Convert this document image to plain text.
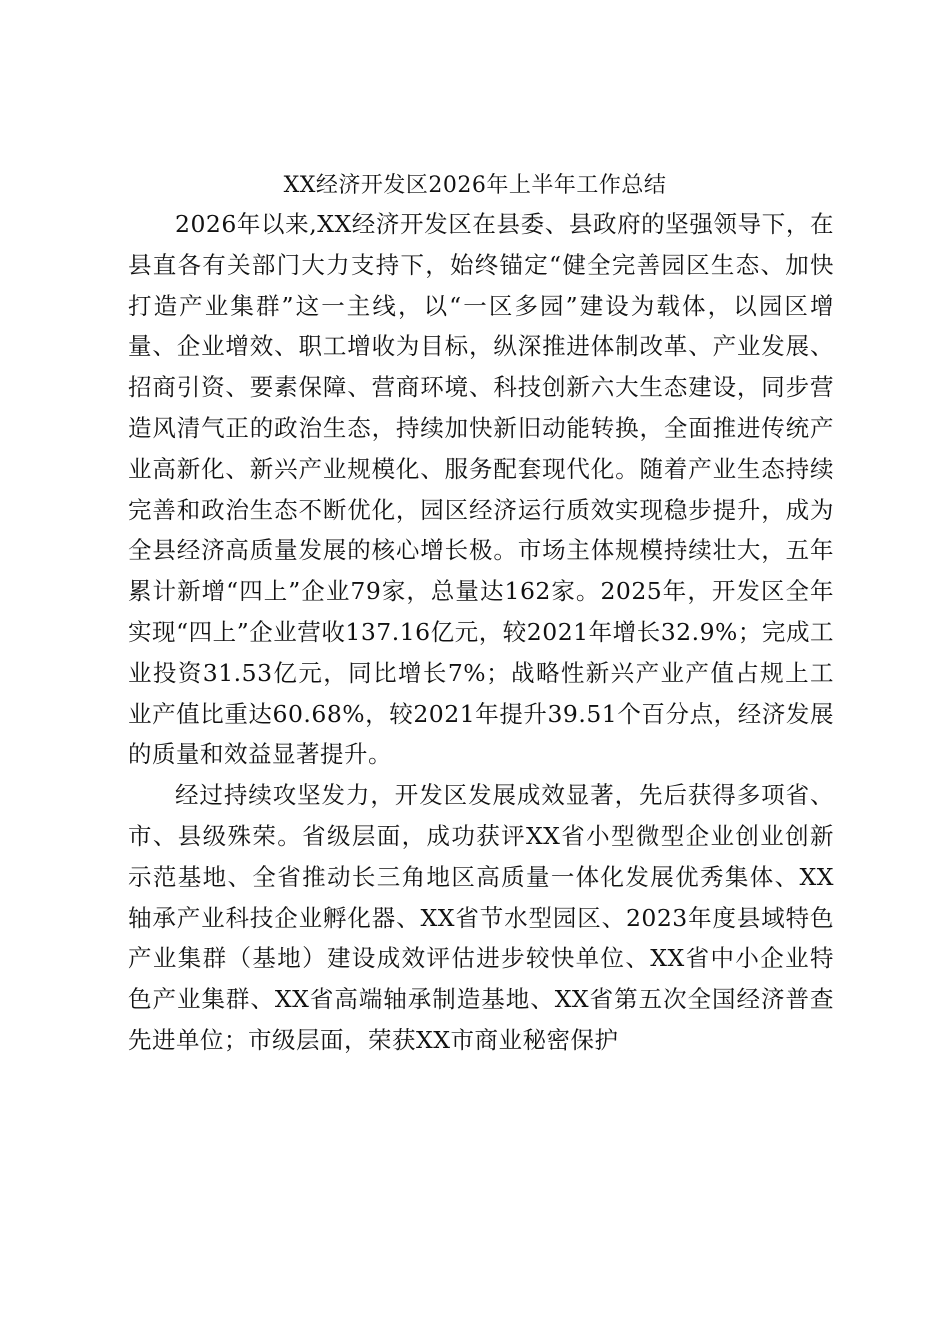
XX经济开发区2026年上半年工作总结

2026年以来,XX经济开发区在县委、县政府的坚强领导下，在县直各有关部门大力支持下，始终锚定“健全完善园区生态、加快打造产业集群”这一主线，以“一区多园”建设为载体，以园区增量、企业增效、职工增收为目标，纵深推进体制改革、产业发展、招商引资、要素保障、营商环境、科技创新六大生态建设，同步营造风清气正的政治生态，持续加快新旧动能转换，全面推进传统产业高新化、新兴产业规模化、服务配套现代化。随着产业生态持续完善和政治生态不断优化，园区经济运行质效实现稳步提升，成为全县经济高质量发展的核心增长极。市场主体规模持续壮大，五年累计新增“四上”企业79家，总量达162家。2025年，开发区全年实现“四上”企业营收137.16亿元，较2021年增长32.9%；完成工业投资31.53亿元，同比增长7%；战略性新兴产业产值占规上工业产值比重达60.68%，较2021年提升39.51个百分点，经济发展的质量和效益显著提升。

经过持续攻坚发力，开发区发展成效显著，先后获得多项省、市、县级殊荣。省级层面，成功获评XX省小型微型企业创业创新示范基地、全省推动长三角地区高质量一体化发展优秀集体、XX轴承产业科技企业孵化器、XX省节水型园区、2023年度县域特色产业集群（基地）建设成效评估进步较快单位、XX省中小企业特色产业集群、XX省高端轴承制造基地、XX省第五次全国经济普查先进单位；市级层面，荣获XX市商业秘密保护
